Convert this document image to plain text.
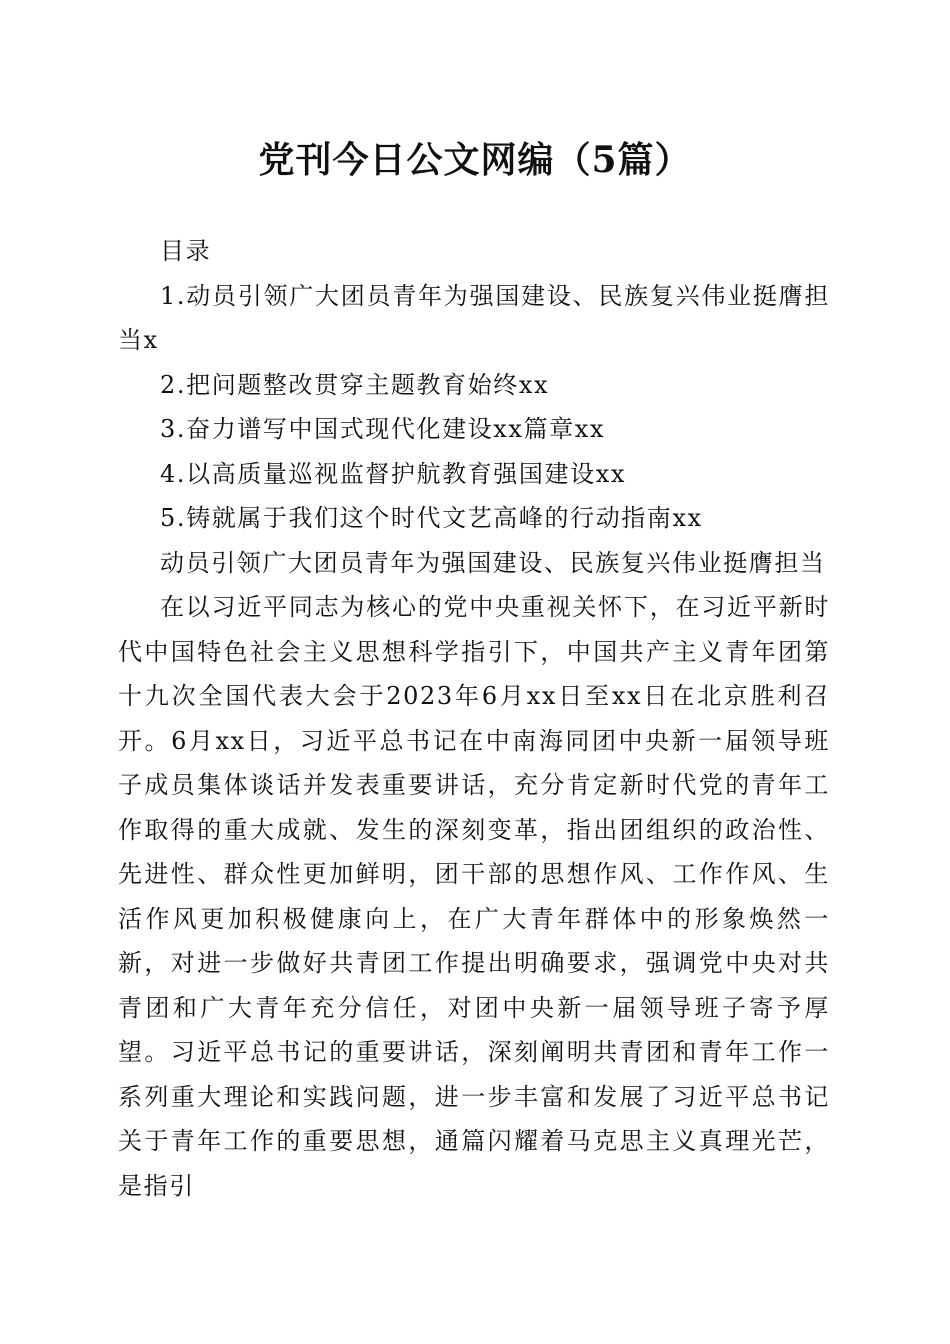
党刊今日公文网编（5篇）

目录

1.动员引领广大团员青年为强国建设、民族复兴伟业挺膺担当x

2.把问题整改贯穿主题教育始终xx

3.奋力谱写中国式现代化建设xx篇章xx

4.以高质量巡视监督护航教育强国建设xx

5.铸就属于我们这个时代文艺高峰的行动指南xx

动员引领广大团员青年为强国建设、民族复兴伟业挺膺担当

在以习近平同志为核心的党中央重视关怀下，在习近平新时代中国特色社会主义思想科学指引下，中国共产主义青年团第十九次全国代表大会于2023年6月xx日至xx日在北京胜利召开。6月xx日，习近平总书记在中南海同团中央新一届领导班子成员集体谈话并发表重要讲话，充分肯定新时代党的青年工作取得的重大成就、发生的深刻变革，指出团组织的政治性、先进性、群众性更加鲜明，团干部的思想作风、工作作风、生活作风更加积极健康向上，在广大青年群体中的形象焕然一新，对进一步做好共青团工作提出明确要求，强调党中央对共青团和广大青年充分信任，对团中央新一届领导班子寄予厚望。习近平总书记的重要讲话，深刻阐明共青团和青年工作一系列重大理论和实践问题，进一步丰富和发展了习近平总书记关于青年工作的重要思想，通篇闪耀着马克思主义真理光芒，是指引
